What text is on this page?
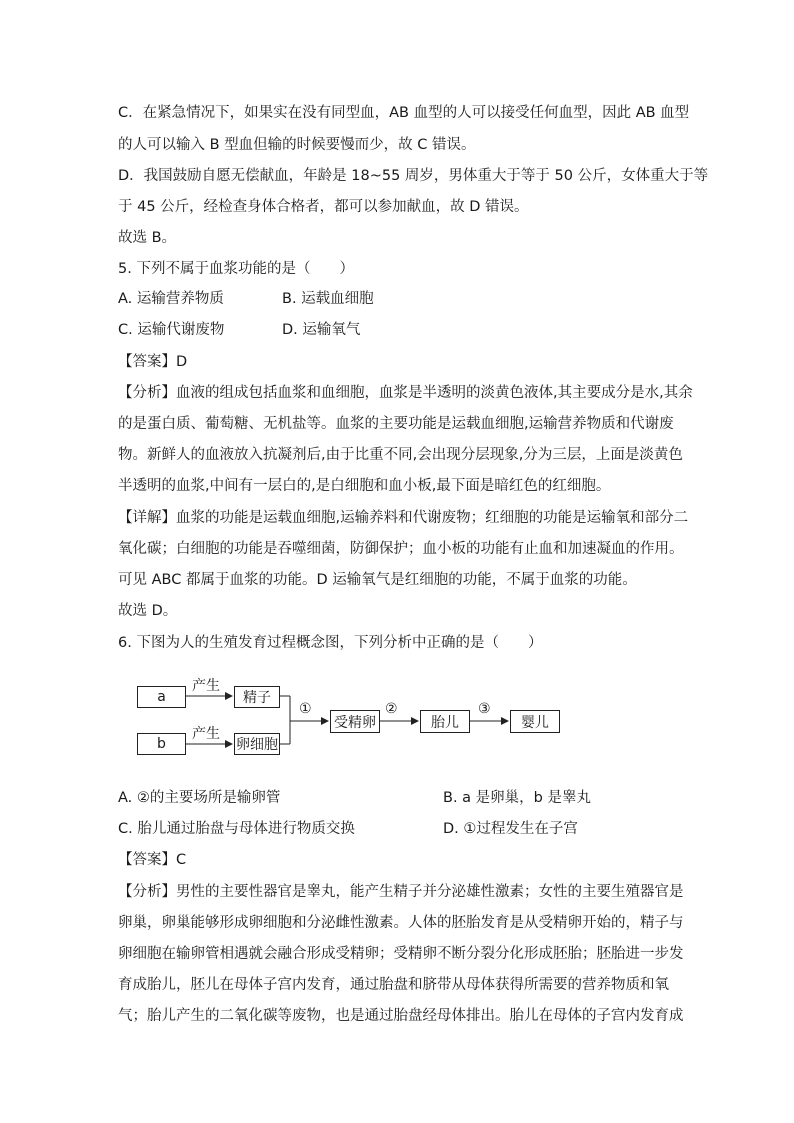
C．在紧急情况下，如果实在没有同型血，AB 血型的人可以接受任何血型，因此 AB 血型
的人可以输入 B 型血但输的时候要慢而少，故 C 错误。
D．我国鼓励自愿无偿献血，年龄是 18~55 周岁，男体重大于等于 50 公斤，女体重大于等
于 45 公斤，经检查身体合格者，都可以参加献血，故 D 错误。
故选 B。
5. 下列不属于血浆功能的是（　　）
A. 运输营养物质	B. 运载血细胞
C. 运输代谢废物	D. 运输氧气
【答案】D
【分析】血液的组成包括血浆和血细胞，血浆是半透明的淡黄色液体,其主要成分是水,其余
的是蛋白质、葡萄糖、无机盐等。血浆的主要功能是运载血细胞,运输营养物质和代谢废
物。新鲜人的血液放入抗凝剂后,由于比重不同,会出现分层现象,分为三层，上面是淡黄色
半透明的血浆,中间有一层白的,是白细胞和血小板,最下面是暗红色的红细胞。
【详解】血浆的功能是运载血细胞,运输养料和代谢废物；红细胞的功能是运输氧和部分二
氧化碳；白细胞的功能是吞噬细菌，防御保护；血小板的功能有止血和加速凝血的作用。
可见 ABC 都属于血浆的功能。D 运输氧气是红细胞的功能，不属于血浆的功能。
故选 D。
6. 下图为人的生殖发育过程概念图，下列分析中正确的是（　　）
a
b
产生
产生
精子
卵细胞
①
受精卵
②
胎儿
③
婴儿
A. ②的主要场所是输卵管	B. a 是卵巢，b 是睾丸
C. 胎儿通过胎盘与母体进行物质交换	D. ①过程发生在子宫
【答案】C
【分析】男性的主要性器官是睾丸，能产生精子并分泌雄性激素；女性的主要生殖器官是
卵巢，卵巢能够形成卵细胞和分泌雌性激素。人体的胚胎发育是从受精卵开始的，精子与
卵细胞在输卵管相遇就会融合形成受精卵；受精卵不断分裂分化形成胚胎；胚胎进一步发
育成胎儿，胚儿在母体子宫内发育，通过胎盘和脐带从母体获得所需要的营养物质和氧
气；胎儿产生的二氧化碳等废物，也是通过胎盘经母体排出。胎儿在母体的子宫内发育成
